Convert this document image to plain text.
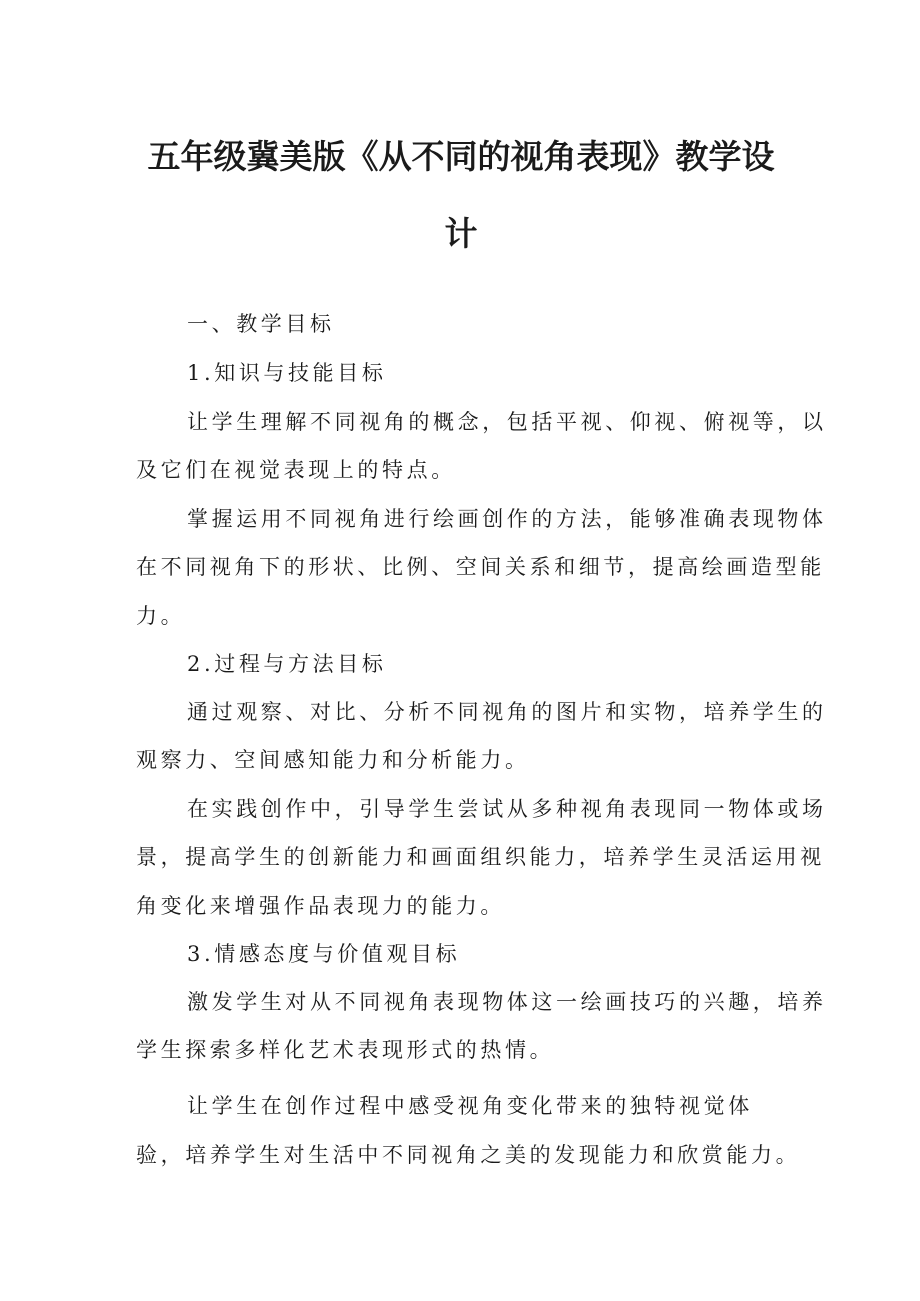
五年级冀美版《从不同的视角表现》教学设
计
一、教学目标
1.知识与技能目标
让学生理解不同视角的概念，包括平视、仰视、俯视等，以
及它们在视觉表现上的特点。
掌握运用不同视角进行绘画创作的方法，能够准确表现物体
在不同视角下的形状、比例、空间关系和细节，提高绘画造型能
力。
2.过程与方法目标
通过观察、对比、分析不同视角的图片和实物，培养学生的
观察力、空间感知能力和分析能力。
在实践创作中，引导学生尝试从多种视角表现同一物体或场
景，提高学生的创新能力和画面组织能力，培养学生灵活运用视
角变化来增强作品表现力的能力。
3.情感态度与价值观目标
激发学生对从不同视角表现物体这一绘画技巧的兴趣，培养
学生探索多样化艺术表现形式的热情。
让学生在创作过程中感受视角变化带来的独特视觉体
验，培养学生对生活中不同视角之美的发现能力和欣赏能力。
